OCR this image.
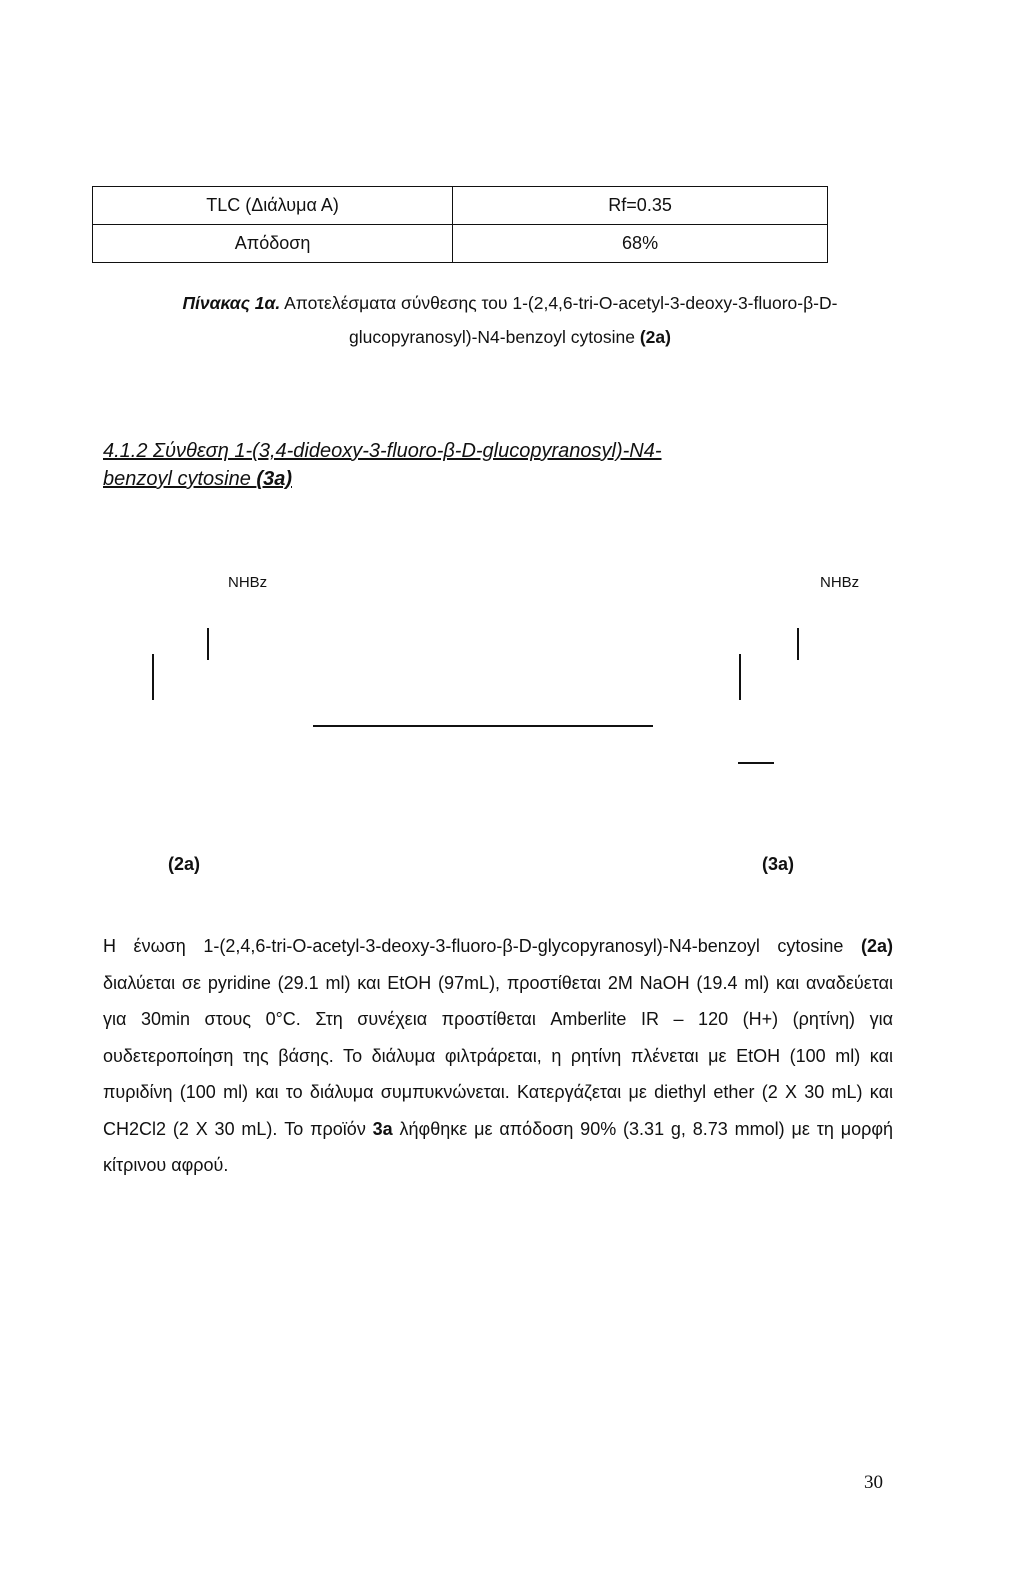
TLC (Διάλυμα Α)	Rf=0.35
Απόδοση	68%
Πίνακας 1α. Αποτελέσματα σύνθεσης του 1-(2,4,6-tri-O-acetyl-3-deoxy-3-fluoro-β-D-glucopyranosyl)-N4-benzoyl cytosine (2a)
4.1.2 Σύνθεση 1-(3,4-dideoxy-3-fluoro-β-D-glucopyranosyl)-N4-
benzoyl cytosine (3a)
NHBz	NHBz
(2a)	(3a)

Η ένωση 1-(2,4,6-tri-O-acetyl-3-deoxy-3-fluoro-β-D-glycopyranosyl)-N4-benzoyl cytosine (2a) διαλύεται σε pyridine (29.1 ml) και EtOH (97mL), προστίθεται 2M NaOH (19.4 ml) και αναδεύεται για 30min στους 0°C. Στη συνέχεια προστίθεται Amberlite IR – 120 (H+) (ρητίνη) για ουδετεροποίηση της βάσης. Το διάλυμα φιλτράρεται, η ρητίνη πλένεται με EtOH (100 ml) και πυριδίνη (100 ml) και το διάλυμα συμπυκνώνεται. Κατεργάζεται με diethyl ether (2 X 30 mL) και CH2Cl2 (2 X 30 mL). Το προϊόν 3a λήφθηκε με απόδοση 90% (3.31 g, 8.73 mmol) με τη μορφή κίτρινου αφρού.

30
